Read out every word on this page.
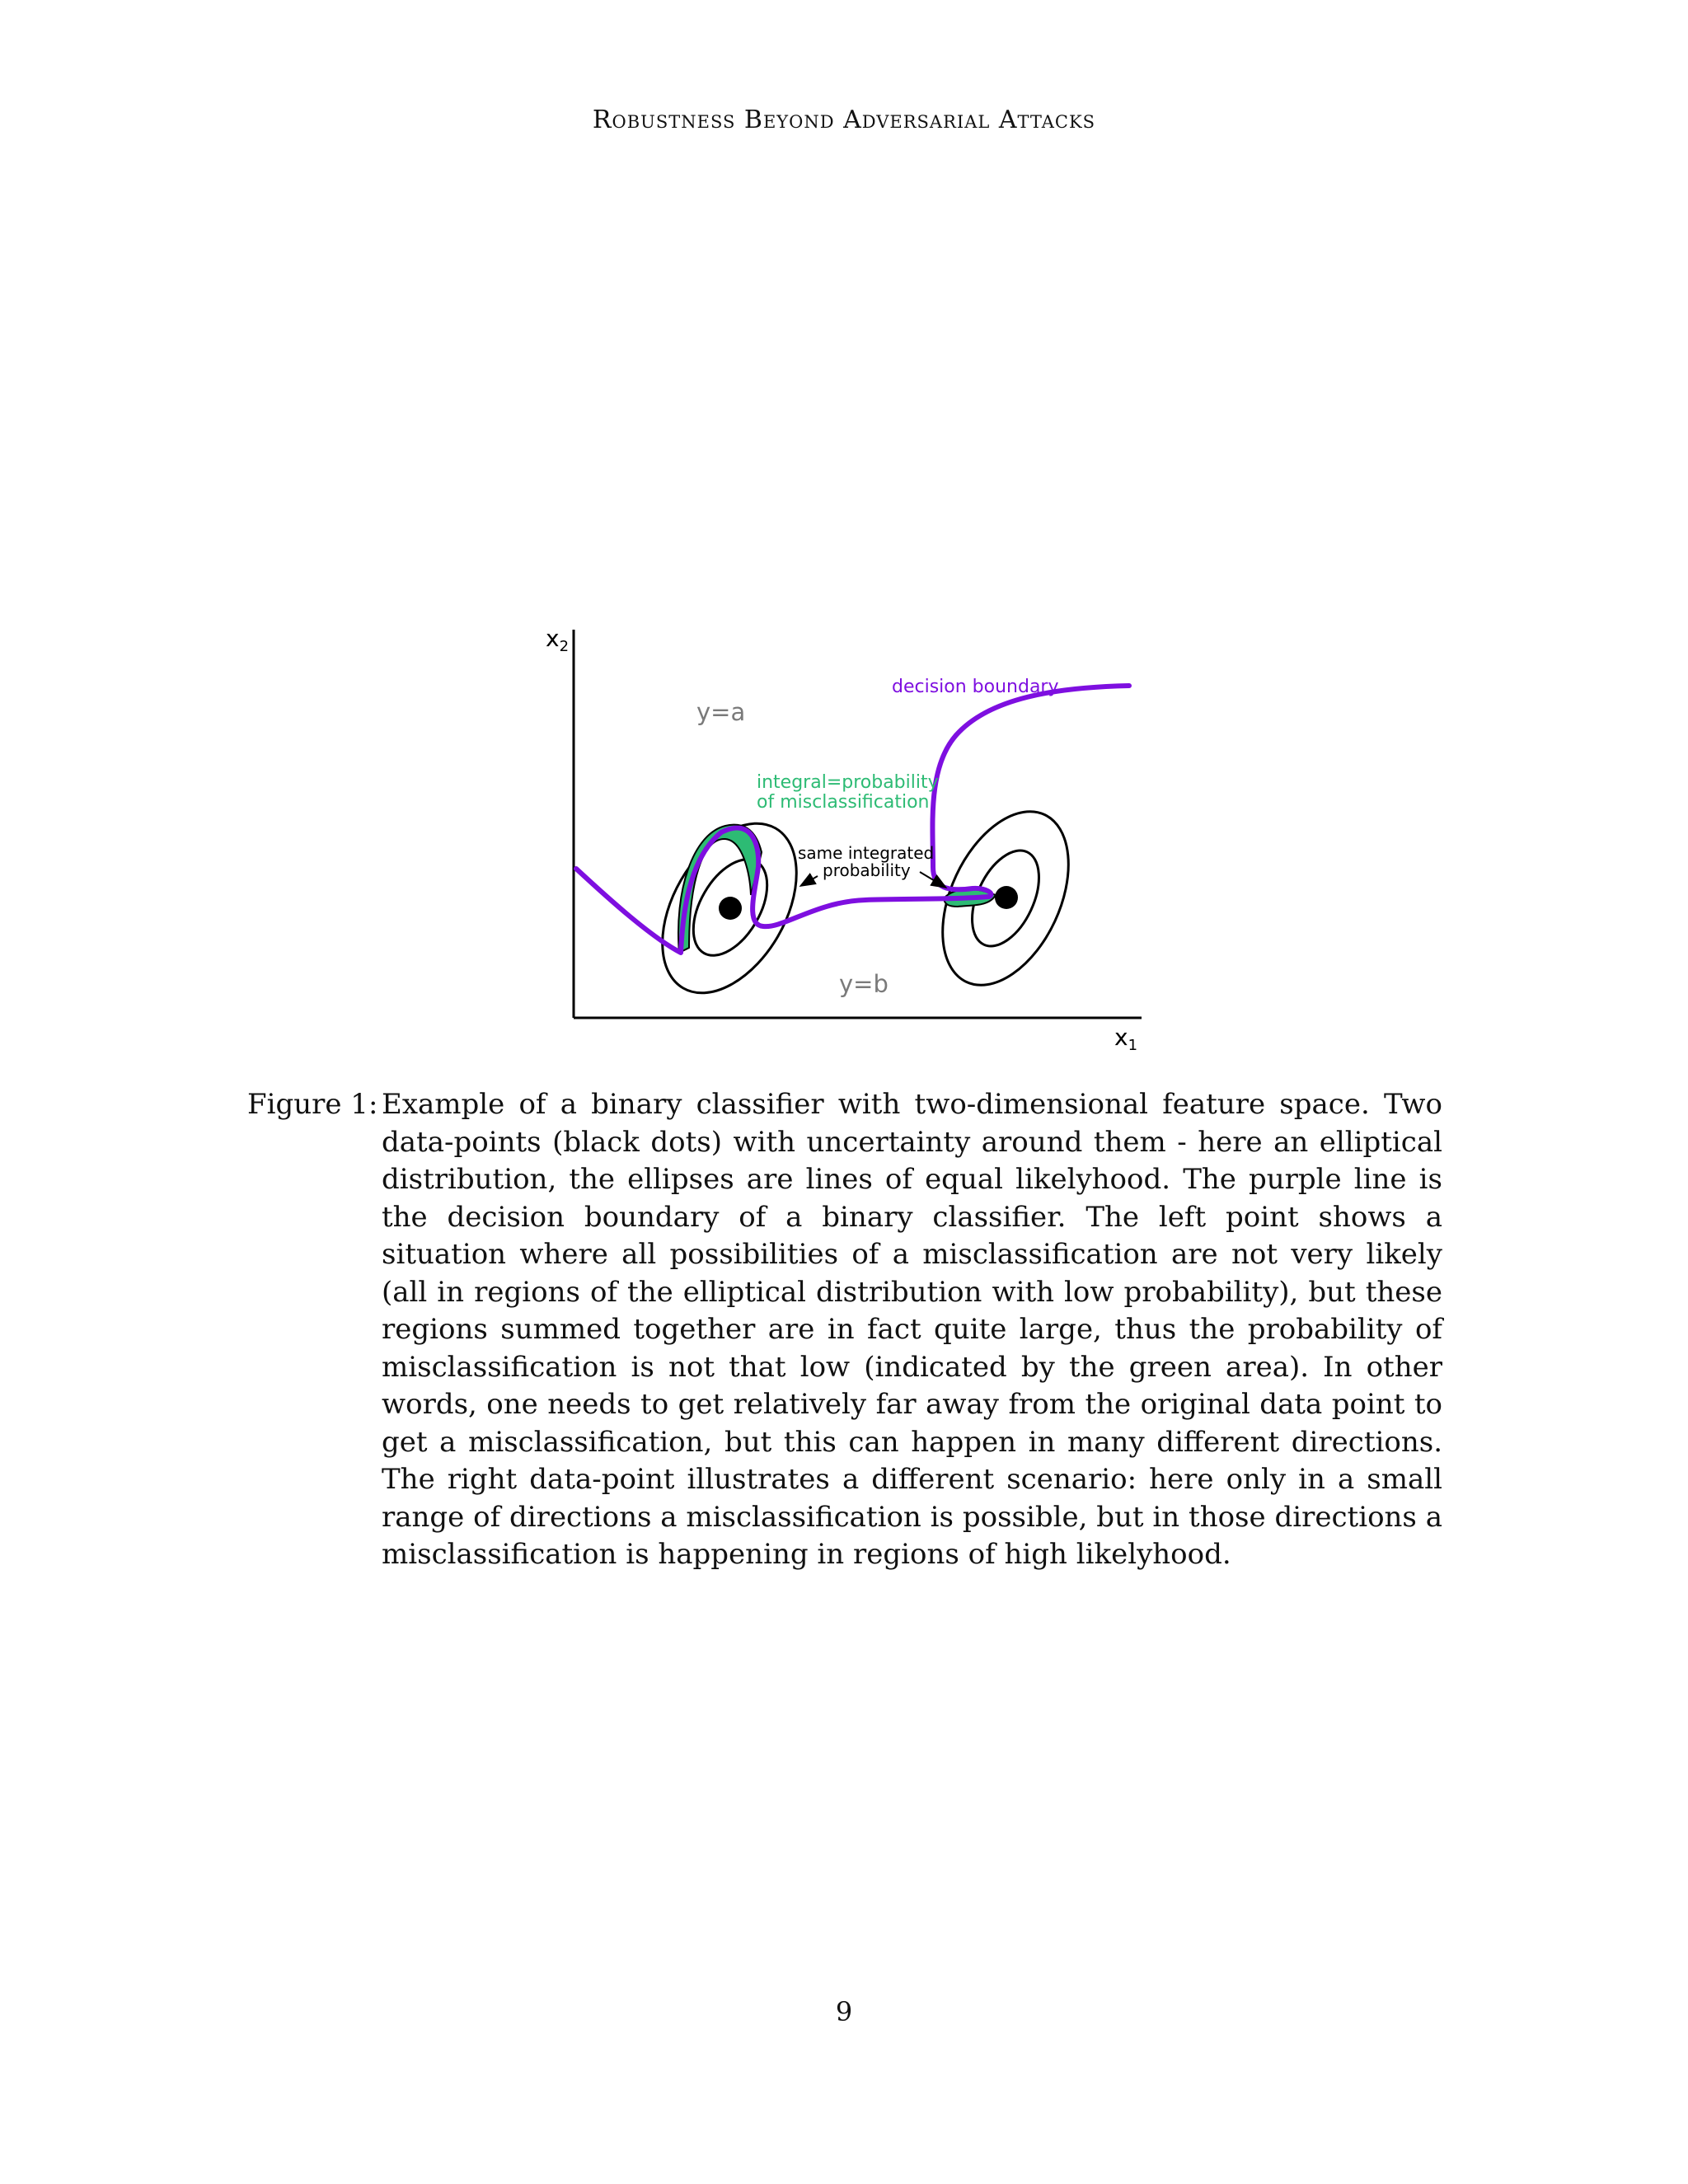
Robustness Beyond Adversarial Attacks
$x_2$
$x_1$
y=a
y=b
decision boundary
integral=probability
of misclassification
same integrated
probability
Figure 1: Example of a binary classifier with two-dimensional feature space. Two data-points (black dots) with uncertainty around them - here an elliptical distribution, the ellipses are lines of equal likelyhood. The purple line is the decision boundary of a binary classifier. The left point shows a situation where all possibilities of a misclassification are not very likely (all in regions of the elliptical distribution with low probability), but these regions summed together are in fact quite large, thus the probability of misclassification is not that low (indicated by the green area). In other words, one needs to get relatively far away from the original data point to get a misclassification, but this can happen in many different directions. The right data-point illustrates a different scenario: here only in a small range of directions a misclassification is possible, but in those directions a misclassification is happening in regions of high likelyhood.
9
